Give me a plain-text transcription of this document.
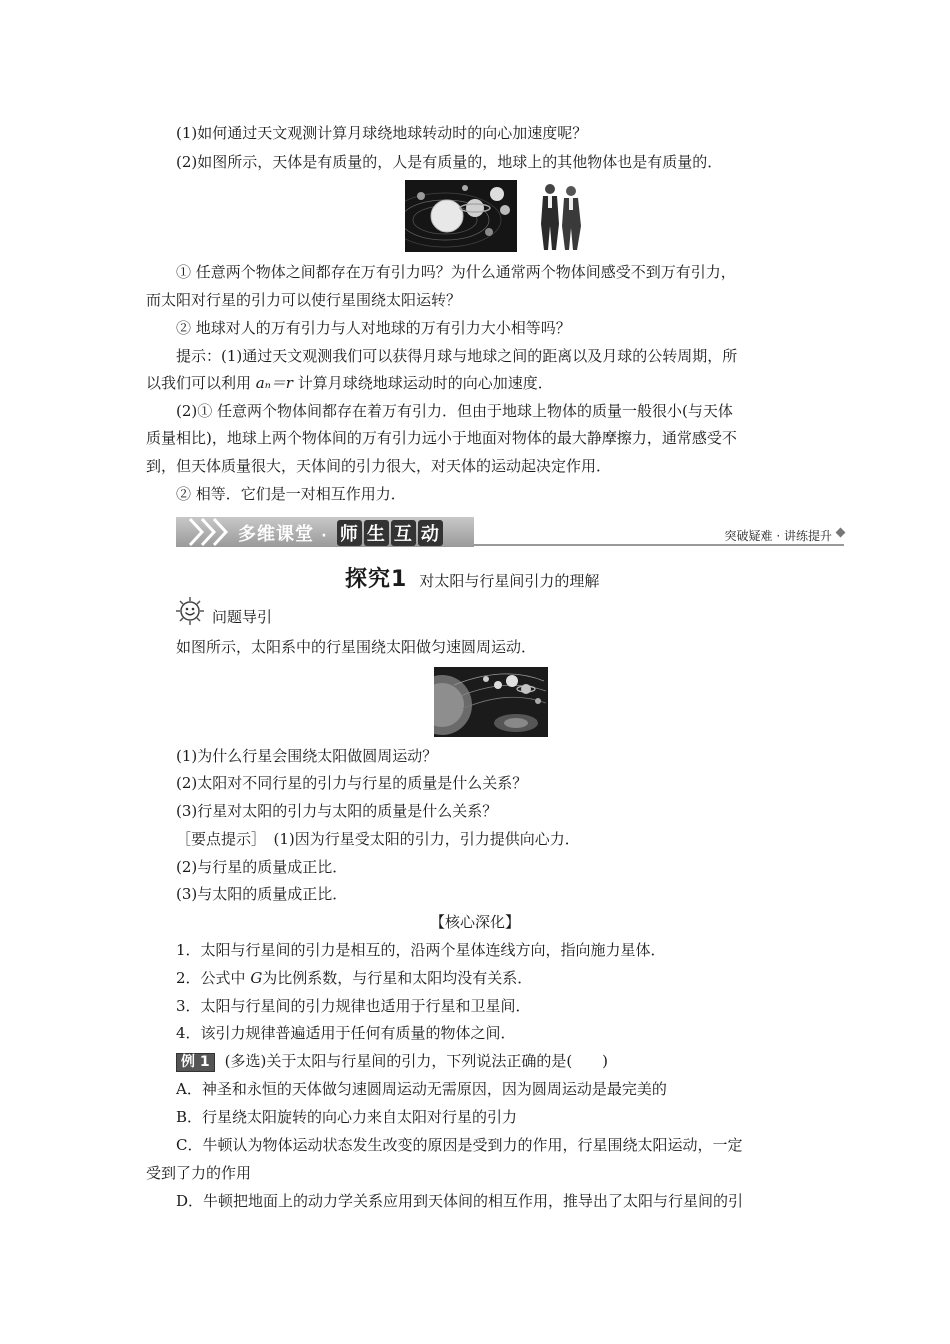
(1)如何通过天文观测计算月球绕地球转动时的向心加速度呢？
(2)如图所示，天体是有质量的，人是有质量的，地球上的其他物体也是有质量的．
① 任意两个物体之间都存在万有引力吗？为什么通常两个物体间感受不到万有引力，
而太阳对行星的引力可以使行星围绕太阳运转？
② 地球对人的万有引力与人对地球的万有引力大小相等吗？
提示：(1)通过天文观测我们可以获得月球与地球之间的距离以及月球的公转周期，所
以我们可以利用 aₙ＝r 计算月球绕地球运动时的向心加速度．
(2)① 任意两个物体间都存在着万有引力．但由于地球上物体的质量一般很小(与天体
质量相比)，地球上两个物体间的万有引力远小于地面对物体的最大静摩擦力，通常感受不
到，但天体质量很大，天体间的引力很大，对天体的运动起决定作用．
② 相等．它们是一对相互作用力．
多维课堂 · 师 生 互 动	突破疑难 · 讲练提升
探究1 对太阳与行星间引力的理解
问题导引
如图所示，太阳系中的行星围绕太阳做匀速圆周运动．
(1)为什么行星会围绕太阳做圆周运动？
(2)太阳对不同行星的引力与行星的质量是什么关系？
(3)行星对太阳的引力与太阳的质量是什么关系？
［要点提示］　(1)因为行星受太阳的引力，引力提供向心力．
(2)与行星的质量成正比．
(3)与太阳的质量成正比．
【核心深化】
1．太阳与行星间的引力是相互的，沿两个星体连线方向，指向施力星体．
2．公式中 G为比例系数，与行星和太阳均没有关系．
3．太阳与行星间的引力规律也适用于行星和卫星间．
4．该引力规律普遍适用于任何有质量的物体之间．
例 1 (多选)关于太阳与行星间的引力，下列说法正确的是(　　)
A．神圣和永恒的天体做匀速圆周运动无需原因，因为圆周运动是最完美的
B．行星绕太阳旋转的向心力来自太阳对行星的引力
C．牛顿认为物体运动状态发生改变的原因是受到力的作用，行星围绕太阳运动，一定
受到了力的作用
D．牛顿把地面上的动力学关系应用到天体间的相互作用，推导出了太阳与行星间的引
